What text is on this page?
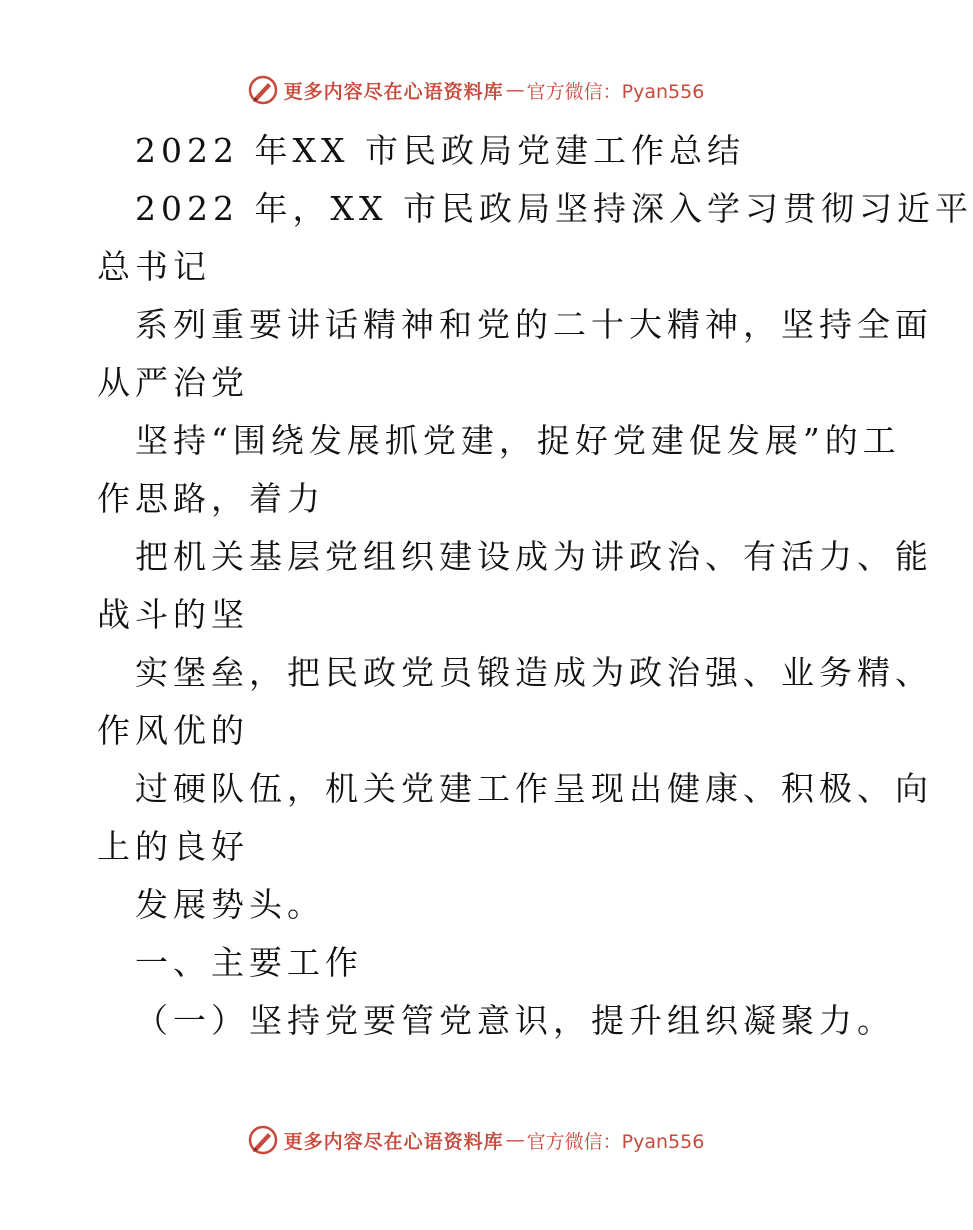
更多内容尽在心语资料库 — 官方微信：Pyan556
2022 年XX 市民政局党建工作总结
2022 年，XX 市民政局坚持深入学习贯彻习近平
总书记
系列重要讲话精神和党的二十大精神，坚持全面
从严治党
坚持“围绕发展抓党建，捉好党建促发展”的工
作思路，着力
把机关基层党组织建设成为讲政治、有活力、能
战斗的坚
实堡垒，把民政党员锻造成为政治强、业务精、
作风优的
过硬队伍，机关党建工作呈现出健康、积极、向
上的良好
发展势头。
一、主要工作
（一）坚持党要管党意识，提升组织凝聚力。
更多内容尽在心语资料库 — 官方微信：Pyan556
